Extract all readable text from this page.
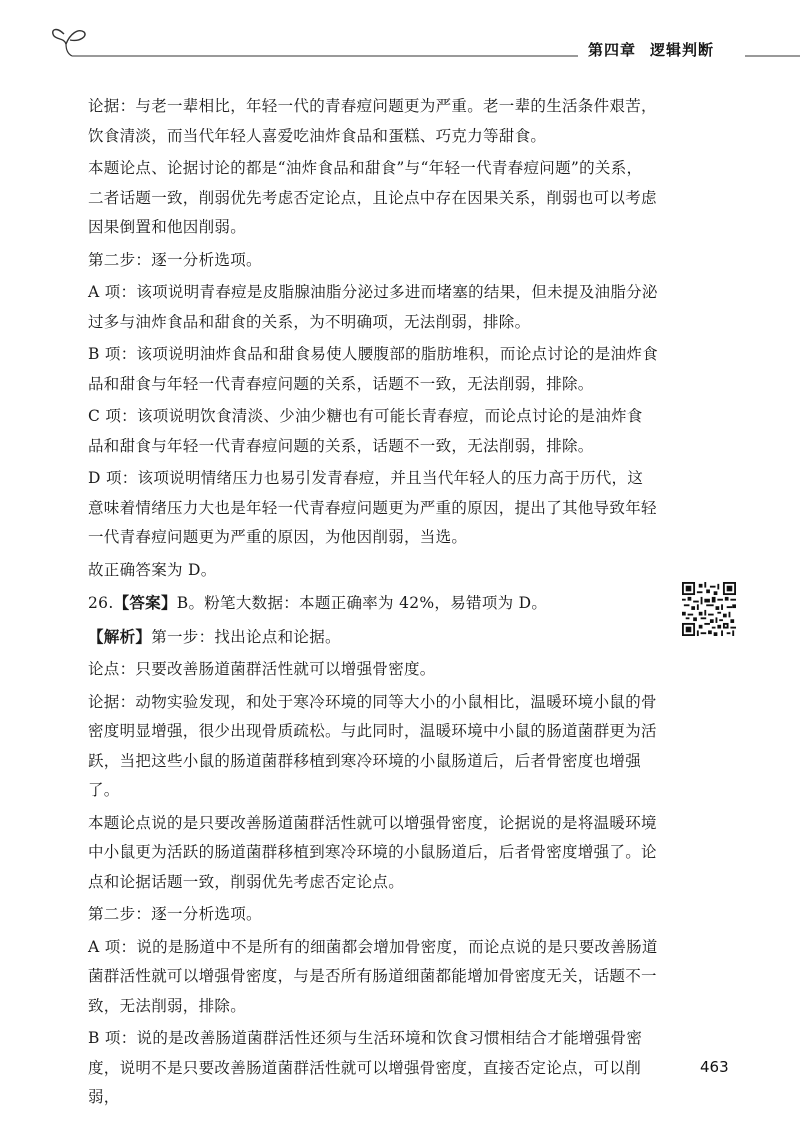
第四章 逻辑判断

论据：与老一辈相比，年轻一代的青春痘问题更为严重。老一辈的生活条件艰苦，饮食清淡，而当代年轻人喜爱吃油炸食品和蛋糕、巧克力等甜食。

本题论点、论据讨论的都是“油炸食品和甜食”与“年轻一代青春痘问题”的关系，二者话题一致，削弱优先考虑否定论点，且论点中存在因果关系，削弱也可以考虑因果倒置和他因削弱。

第二步：逐一分析选项。

A 项：该项说明青春痘是皮脂腺油脂分泌过多进而堵塞的结果，但未提及油脂分泌过多与油炸食品和甜食的关系，为不明确项，无法削弱，排除。

B 项：该项说明油炸食品和甜食易使人腰腹部的脂肪堆积，而论点讨论的是油炸食品和甜食与年轻一代青春痘问题的关系，话题不一致，无法削弱，排除。

C 项：该项说明饮食清淡、少油少糖也有可能长青春痘，而论点讨论的是油炸食品和甜食与年轻一代青春痘问题的关系，话题不一致，无法削弱，排除。

D 项：该项说明情绪压力也易引发青春痘，并且当代年轻人的压力高于历代，这意味着情绪压力大也是年轻一代青春痘问题更为严重的原因，提出了其他导致年轻一代青春痘问题更为严重的原因，为他因削弱，当选。

故正确答案为 D。

26.【答案】B。粉笔大数据：本题正确率为 42%，易错项为 D。

【解析】第一步：找出论点和论据。

论点：只要改善肠道菌群活性就可以增强骨密度。

论据：动物实验发现，和处于寒冷环境的同等大小的小鼠相比，温暖环境小鼠的骨密度明显增强，很少出现骨质疏松。与此同时，温暖环境中小鼠的肠道菌群更为活跃，当把这些小鼠的肠道菌群移植到寒冷环境的小鼠肠道后，后者骨密度也增强了。

本题论点说的是只要改善肠道菌群活性就可以增强骨密度，论据说的是将温暖环境中小鼠更为活跃的肠道菌群移植到寒冷环境的小鼠肠道后，后者骨密度增强了。论点和论据话题一致，削弱优先考虑否定论点。

第二步：逐一分析选项。

A 项：说的是肠道中不是所有的细菌都会增加骨密度，而论点说的是只要改善肠道菌群活性就可以增强骨密度，与是否所有肠道细菌都能增加骨密度无关，话题不一致，无法削弱，排除。

B 项：说的是改善肠道菌群活性还须与生活环境和饮食习惯相结合才能增强骨密度，说明不是只要改善肠道菌群活性就可以增强骨密度，直接否定论点，可以削弱，

463
